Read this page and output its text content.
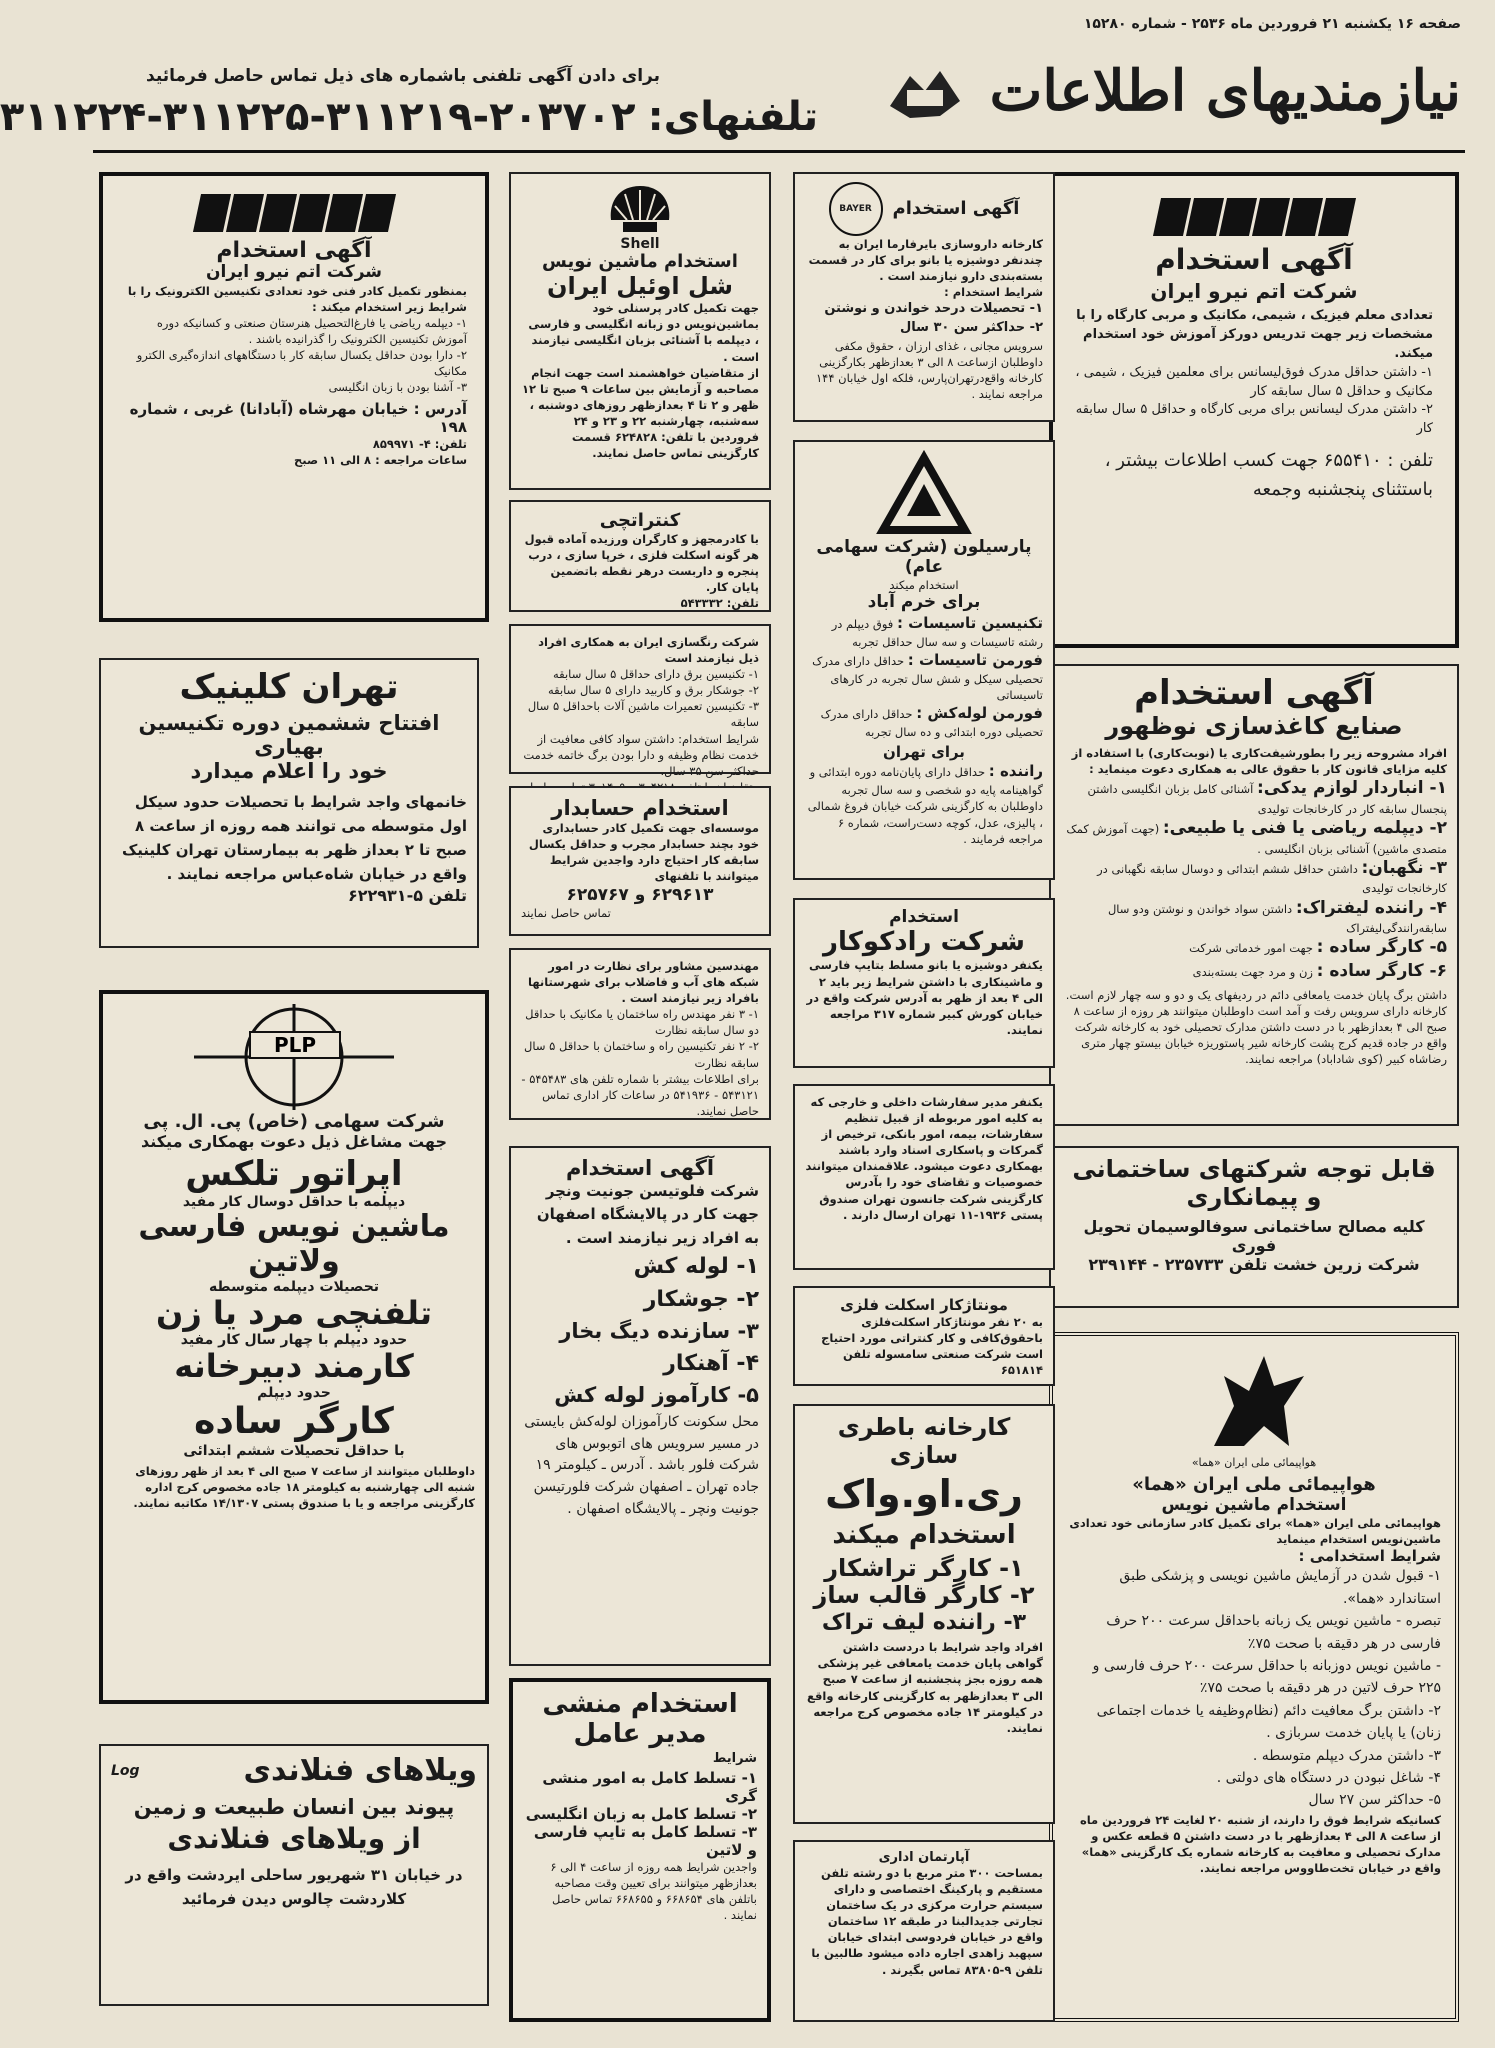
صفحه ۱۶ یکشنبه ۲۱ فروردین ماه ۲۵۳۶ - شماره ۱۵۲۸۰
نیازمندیهای اطلاعات
برای دادن آگهی تلفنی باشماره های ذیل تماس حاصل فرمائید
تلفنهای:
۳۱۱۲۲۴-۳۱۱۲۲۵-۳۱۱۲۱۹-۲۰۳۷۰۲
آگهی استخدام
شرکت اتم نیرو ایران
تعدادی معلم فیزیک ، شیمی، مکانیک و مربی کارگاه را با مشخصات زیر جهت تدریس دورکز آموزش خود استخدام میکند.
۱- داشتن حداقل مدرک فوق‌لیسانس برای معلمین فیزیک ، شیمی ، مکانیک و حداقل ۵ سال سابقه کار
۲- داشتن مدرک لیسانس برای مربی کارگاه و حداقل ۵ سال سابقه کار
تلفن : ۶۵۵۴۱۰ جهت کسب اطلاعات بیشتر ، باستثنای پنجشنبه وجمعه
آگهی استخدام
صنایع کاغذسازی نوظهور
افراد مشروحه زیر را بطورشیفت‌کاری یا (نوبت‌کاری) با استفاده از کلیه مزایای قانون کار با حقوق عالی به همکاری دعوت مینماید :
۱- انباردار لوازم یدکی: آشنائی کامل بزبان انگلیسی داشتن پنجسال سابقه کار در کارخانجات تولیدی
۲- دیپلمه ریاضی یا فنی یا طبیعی: (جهت آموزش کمک متصدی ماشین) آشنائی بزبان انگلیسی .
۳- نگهبان: داشتن حداقل ششم ابتدائی و دوسال سابقه نگهبانی در کارخانجات تولیدی
۴- راننده لیفتراک: داشتن سواد خواندن و نوشتن ودو سال سابقه‌رانندگی‌لیفتراک
۵- کارگر ساده : جهت امور خدماتی شرکت
۶- کارگر ساده : زن و مرد جهت بسته‌بندی
داشتن برگ پایان خدمت یامعافی دائم در ردیفهای یک و دو و سه چهار لازم است. کارخانه دارای سرویس رفت و آمد است داوطلبان میتوانند هر روزه از ساعت ۸ صبح الی ۴ بعدازظهر با در دست داشتن مدارک تحصیلی خود به کارخانه شرکت واقع در جاده قدیم کرج پشت کارخانه شیر پاستوریزه خیابان بیستو چهار متری رضاشاه کبیر (کوی شاداباد) مراجعه نمایند.
قابل توجه شرکتهای ساختمانی و پیمانکاری
کلیه مصالح ساختمانی سوفالوسیمان تحویل فوری
شرکت زرین خشت تلفن ۲۳۵۷۳۳ - ۲۳۹۱۴۴
هواپیمائی ملی ایران «هما»
هواپیمائی ملی ایران «هما»
استخدام ماشین نویس
هواپیمائی ملی ایران «هما» برای تکمیل کادر سازمانی خود تعدادی ماشین‌نویس استخدام مینماید
شرایط استخدامی :
۱- قبول شدن در آزمایش ماشین نویسی و پزشکی طبق استاندارد «هما».
تبصره - ماشین نویس یک زبانه باحداقل سرعت ۲۰۰ حرف فارسی در هر دقیقه با صحت ۷۵٪
- ماشین نویس دوزبانه با حداقل سرعت ۲۰۰ حرف فارسی و ۲۲۵ حرف لاتین در هر دقیقه با صحت ۷۵٪
۲- داشتن برگ معافیت دائم (نظام‌وظیفه یا خدمات اجتماعی زنان) یا پایان خدمت سربازی .
۳- داشتن مدرک دیپلم متوسطه .
۴- شاغل نبودن در دستگاه های دولتی .
۵- حداکثر سن ۲۷ سال
کسانیکه شرایط فوق را دارند، از شنبه ۲۰ لغایت ۲۴ فروردین ماه از ساعت ۸ الی ۴ بعدازظهر با در دست داشتن ۵ قطعه عکس و مدارک تحصیلی و معافیت به کارخانه شماره یک کارگزینی «هما» واقع در خیابان تخت‌طاووس مراجعه نمایند.
آگهی استخدام
BAYER
کارخانه داروسازی بایرفارما ایران به چندنفر دوشیزه یا بانو برای کار در قسمت بسته‌بندی دارو نیازمند است .
شرایط استخدام :
۱- تحصیلات درحد خواندن و نوشتن
۲- حداکثر سن ۳۰ سال
سرویس مجانی ، غذای ارزان ، حقوق مکفی داوطلبان ازساعت ۸ الی ۳ بعدازظهر بکارگزینی کارخانه واقع‌درتهران‌پارس، فلکه اول خیابان ۱۴۴ مراجعه نمایند .
پارسیلون (شرکت سهامی عام)
استخدام میکند
برای خرم آباد
تکنیسین تاسیسات : فوق دیپلم در رشته تاسیسات و سه سال حداقل تجربه
فورمن تاسیسات : حداقل دارای مدرک تحصیلی سیکل و شش سال تجربه در کارهای تاسیساتی
فورمن لوله‌کش : حداقل دارای مدرک تحصیلی دوره ابتدائی و ده سال تجربه
برای تهران
راننده : حداقل دارای پایان‌نامه دوره ابتدائی و گواهینامه پایه دو شخصی و سه سال تجربه داوطلبان به کارگزینی شرکت خیابان فروغ شمالی ، پالیزی، عدل، کوچه دست‌راست، شماره ۶ مراجعه فرمایند .
استخدام
شرکت رادکوکار
یکنفر دوشیزه یا بانو مسلط بتایپ فارسی و ماشینکاری با داشتن شرایط زیر باید ۲ الی ۴ بعد از ظهر به آدرس شرکت واقع در خیابان کورش کبیر شماره ۳۱۷ مراجعه نمایند.
یکنفر مدیر سفارشات داخلی و خارجی که به کلیه امور مربوطه از قبیل تنظیم سفارشات، بیمه، امور بانکی، ترخیص از گمرکات و پاسکاری اسناد وارد باشند بهمکاری دعوت میشود. علاقمندان میتوانند خصوصیات و تقاضای خود را بآدرس کارگزینی شرکت جانسون تهران صندوق پستی ۱۹۳۶-۱۱ تهران ارسال دارند .
مونتاژکار اسکلت فلزی
به ۲۰ نفر مونتاژکار اسکلت‌فلزی باحقوق‌کافی و کار کنتراتی مورد احتیاج است شرکت صنعتی سامسوله تلفن ۶۵۱۸۱۴
کارخانه باطری سازی
ری.او.واک
استخدام میکند
۱- کارگر تراشکار
۲- کارگر قالب ساز
۳- راننده لیف تراک
افراد واجد شرایط با دردست داشتن گواهی پایان خدمت یامعافی غیر پزشکی همه روزه بجز پنجشنبه از ساعت ۷ صبح الی ۳ بعدازظهر به کارگزینی کارخانه واقع در کیلومتر ۱۴ جاده مخصوص کرج مراجعه نمایند.
آپارتمان اداری
بمساحت ۳۰۰ متر مربع با دو رشته تلفن مستقیم و پارکینگ اختصاصی و دارای سیستم حرارت مرکزی در یک ساختمان تجارتی جدیدالبنا در طبقه ۱۲ ساختمان واقع در خیابان فردوسی ابتدای خیابان سپهبد زاهدی اجاره داده میشود طالبین با تلفن ۹-۸۳۸۰۵ تماس بگیرند .
Shell
استخدام ماشین نویس
شل اوئیل ایران
جهت تکمیل کادر پرسنلی خود بماشین‌نویس دو زبانه انگلیسی و فارسی ، دیپلمه با آشنائی بزبان انگلیسی نیازمند است .
از متقاضیان خواهشمند است جهت انجام مصاحبه و آزمایش بین ساعات ۹ صبح تا ۱۲ ظهر و ۲ تا ۴ بعدازظهر روزهای دوشنبه ، سه‌شنبه، چهارشنبه ۲۲ و ۲۳ و ۲۴ فروردین با تلفن: ۶۲۴۸۲۸ قسمت کارگزینی تماس حاصل نمایند.
کنتراتچی
با کادرمجهز و کارگران ورزیده آماده قبول هر گونه اسکلت فلزی ، خرپا سازی ، درب پنجره و داربست درهر نقطه باتضمین پایان کار.
تلفن: ۵۴۳۳۳۲
شرکت رنگسازی ایران به همکاری افراد ذیل نیازمند است
۱- تکنیسین برق دارای حداقل ۵ سال سابقه
۲- جوشکار برق و کاربید دارای ۵ سال سابقه
۳- تکنیسین تعمیرات ماشین آلات باحداقل ۵ سال سابقه
شرایط استخدام: داشتن سواد کافی معافیت از خدمت نظام وظیفه و دارا بودن برگ خاتمه خدمت حداکثر سن ۳۵ سال.
استخدام حسابدار
موسسه‌ای جهت تکمیل کادر حسابداری خود بچند حسابدار مجرب و حداقل یکسال سابقه کار احتیاج دارد واجدین شرایط میتوانند با تلفنهای
۶۲۹۶۱۳ و ۶۲۵۷۶۷
تماس حاصل نمایند
مهندسین مشاور برای نظارت در امور شبکه های آب و فاضلاب برای شهرستانها بافراد زیر نیازمند است .
۱- ۳ نفر مهندس راه ساختمان یا مکانیک با حداقل دو سال سابقه نظارت
۲- ۲ نفر تکنیسین راه و ساختمان با حداقل ۵ سال سابقه نظارت
برای اطلاعات بیشتر با شماره تلفن های ۵۴۵۴۸۳ - ۵۴۳۱۲۱ - ۵۴۱۹۳۶ در ساعات کار اداری تماس حاصل نمایند.
آگهی استخدام
شرکت فلوتیسن جونیت ونچر جهت کار در پالایشگاه اصفهان به افراد زیر نیازمند است .
۱- لوله کش
۲- جوشکار
۳- سازنده دیگ بخار
۴- آهنکار
۵- کارآموز لوله کش
محل سکونت کارآموزان لوله‌کش بایستی در مسیر سرویس های اتوبوس های شرکت فلور باشد . آدرس ـ کیلومتر ۱۹ جاده تهران ـ اصفهان شرکت فلورتیسن جونیت ونچر ـ پالایشگاه اصفهان .
استخدام منشی
مدیر عامل
شرایط
۱- تسلط کامل به امور منشی گری
۲- تسلط کامل به زبان انگلیسی
۳- تسلط کامل به تایپ فارسی و لاتین
واجدین شرایط همه روزه از ساعت ۴ الی ۶ بعدازظهر میتوانند برای تعیین وقت مصاحبه باتلفن های ۶۶۸۶۵۴ و ۶۶۸۶۵۵ تماس حاصل نمایند .
آگهی استخدام
شرکت اتم نیرو ایران
بمنظور تکمیل کادر فنی خود تعدادی تکنیسین الکترونیک را با شرایط زیر استخدام میکند :
۱- دیپلمه ریاضی یا فارغ‌التحصیل هنرستان صنعتی و کسانیکه دوره آموزش تکنیسین الکترونیک را گذرانیده باشند .
۲- دارا بودن حداقل یکسال سابقه کار با دستگاههای اندازه‌گیری الکترو مکانیک
۳- آشنا بودن با زبان انگلیسی
آدرس : خیابان مهرشاه (آبادانا) غربی ، شماره ۱۹۸
تلفن: ۴- ۸۵۹۹۷۱
ساعات مراجعه : ۸ الی ۱۱ صبح
تهران کلینیک
افتتاح ششمین دوره تکنیسین بهیاری
خود را اعلام میدارد
خانمهای واجد شرایط با تحصیلات حدود سیکل اول متوسطه می توانند همه روزه از ساعت ۸ صبح تا ۲ بعداز ظهر به بیمارستان تهران کلینیک واقع در خیابان شاه‌عباس مراجعه نمایند .
تلفن ۵-۶۲۲۹۳۱
PLP
شرکت سهامی (خاص) پی. ال. پی
جهت مشاغل ذیل دعوت بهمکاری میکند
اپراتور تلکس
دیپلمه با حداقل دوسال کار مفید
ماشین نویس فارسی ولاتین
تحصیلات دیپلمه متوسطه
تلفنچی مرد یا زن
حدود دیپلم با چهار سال کار مفید
کارمند دبیرخانه
حدود دیپلم
کارگر ساده
با حداقل تحصیلات ششم ابتدائی
داوطلبان میتوانند از ساعت ۷ صبح الی ۴ بعد از ظهر روزهای شنبه الی چهارشنبه به کیلومتر ۱۸ جاده مخصوص کرج اداره کارگزینی مراجعه و یا با صندوق پستی ۱۴/۱۳۰۷ مکاتبه نمایند.
ویلاهای فنلاندی
Log
پیوند بین انسان طبیعت و زمین
از ویلاهای فنلاندی
در خیابان ۳۱ شهریور ساحلی ایردشت واقع در کلاردشت چالوس دیدن فرمائید
